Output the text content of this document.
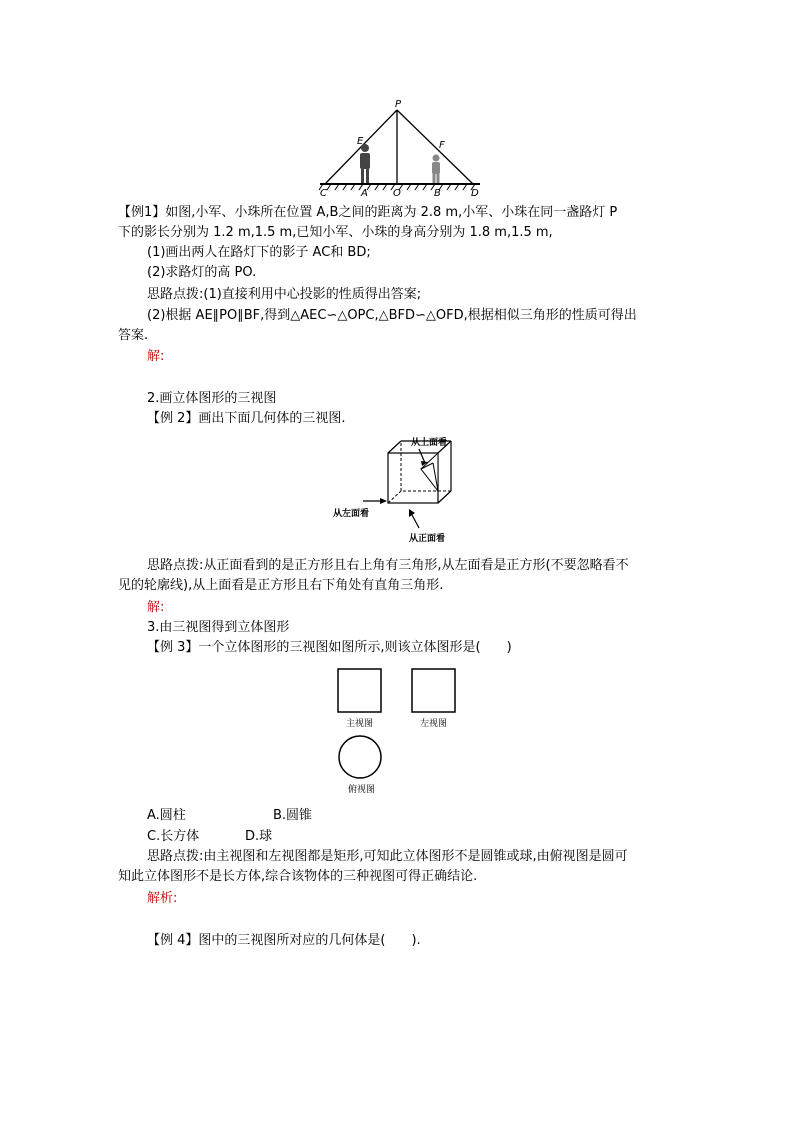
P
E	F
C	A	O	B	D
【例1】如图,小军、小珠所在位置 A,B之间的距离为 2.8 m,小军、小珠在同一盏路灯 P
下的影长分别为 1.2 m,1.5 m,已知小军、小珠的身高分别为 1.8 m,1.5 m,
(1)画出两人在路灯下的影子 AC和 BD;
(2)求路灯的高 PO.
思路点拨:(1)直接利用中心投影的性质得出答案;
(2)根据 AE∥PO∥BF,得到△AEC∽△OPC,△BFD∽△OFD,根据相似三角形的性质可得出
答案.
解:
2.画立体图形的三视图
【例 2】画出下面几何体的三视图.
从上面看
从左面看
从正面看
思路点拨:从正面看到的是正方形且右上角有三角形,从左面看是正方形(不要忽略看不
见的轮廓线),从上面看是正方形且右下角处有直角三角形.
解:
3.由三视图得到立体图形
【例 3】一个立体图形的三视图如图所示,则该立体图形是(　　)
主视图	左视图
俯视图
A.圆柱	B.圆锥
C.长方体	D.球
思路点拨:由主视图和左视图都是矩形,可知此立体图形不是圆锥或球,由俯视图是圆可
知此立体图形不是长方体,综合该物体的三种视图可得正确结论.
解析:
【例 4】图中的三视图所对应的几何体是(　　).
